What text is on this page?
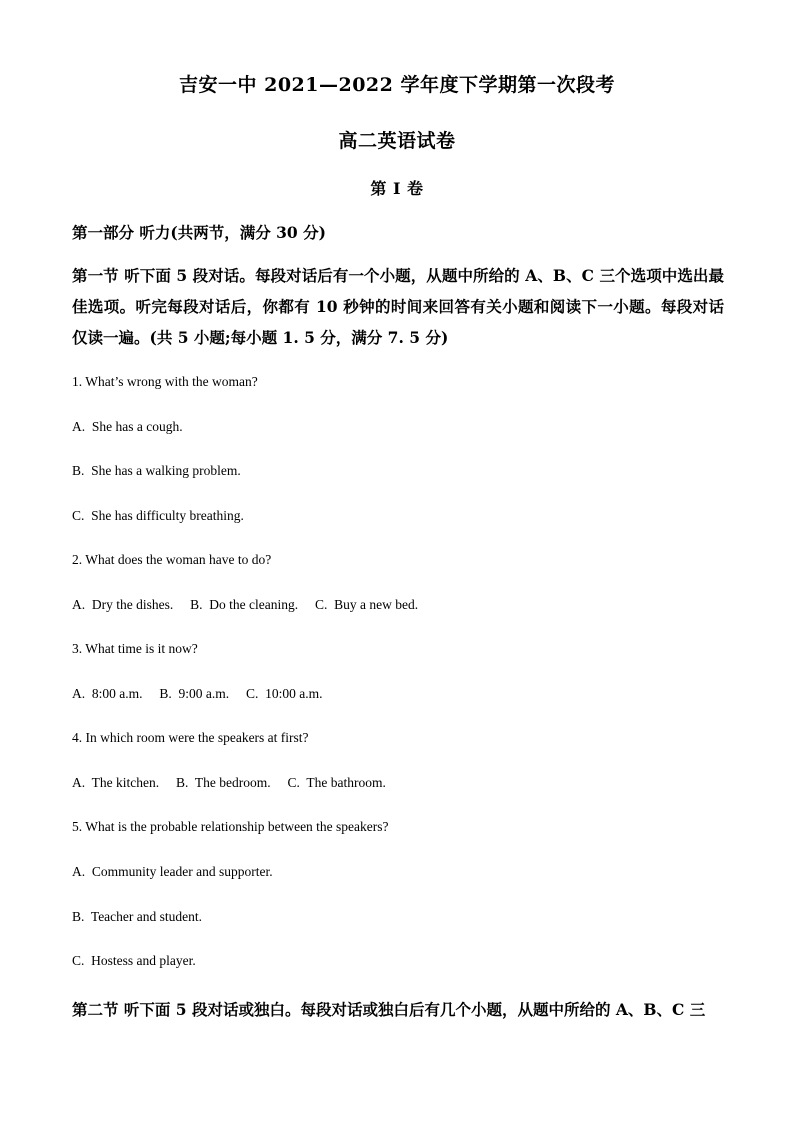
吉安一中 2021—2022 学年度下学期第一次段考
高二英语试卷
第 I 卷
第一部分 听力(共两节，满分 30 分)
第一节 听下面 5 段对话。每段对话后有一个小题，从题中所给的 A、B、C 三个选项中选出最佳选项。听完每段对话后，你都有 10 秒钟的时间来回答有关小题和阅读下一小题。每段对话仅读一遍。(共 5 小题;每小题 1. 5 分，满分 7. 5 分)
1. What’s wrong with the woman?
A.  She has a cough.
B.  She has a walking problem.
C.  She has difficulty breathing.
2. What does the woman have to do?
A.  Dry the dishes.     B.  Do the cleaning.     C.  Buy a new bed.
3. What time is it now?
A.  8:00 a.m.     B.  9:00 a.m.     C.  10:00 a.m.
4. In which room were the speakers at first?
A.  The kitchen.     B.  The bedroom.     C.  The bathroom.
5. What is the probable relationship between the speakers?
A.  Community leader and supporter.
B.  Teacher and student.
C.  Hostess and player.
第二节 听下面 5 段对话或独白。每段对话或独白后有几个小题，从题中所给的 A、B、C 三
